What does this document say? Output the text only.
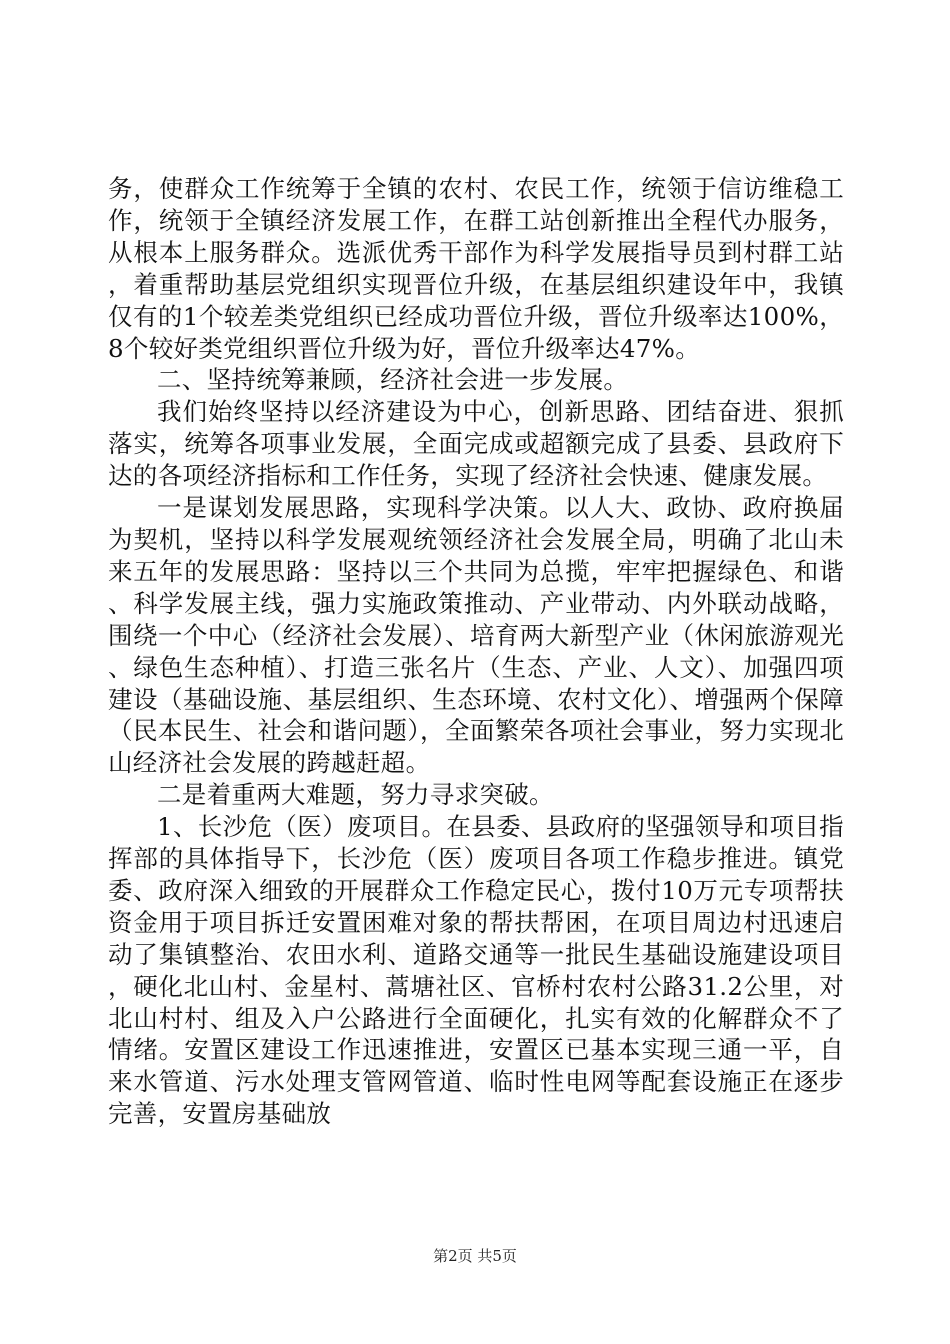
务，使群众工作统筹于全镇的农村、农民工作，统领于信访维稳工作，统领于全镇经济发展工作，在群工站创新推出全程代办服务，从根本上服务群众。选派优秀干部作为科学发展指导员到村群工站，着重帮助基层党组织实现晋位升级，在基层组织建设年中，我镇仅有的1个较差类党组织已经成功晋位升级，晋位升级率达100%，8个较好类党组织晋位升级为好，晋位升级率达47%。

二、坚持统筹兼顾，经济社会进一步发展。

我们始终坚持以经济建设为中心，创新思路、团结奋进、狠抓落实，统筹各项事业发展，全面完成或超额完成了县委、县政府下达的各项经济指标和工作任务，实现了经济社会快速、健康发展。

一是谋划发展思路，实现科学决策。以人大、政协、政府换届为契机，坚持以科学发展观统领经济社会发展全局，明确了北山未来五年的发展思路：坚持以三个共同为总揽，牢牢把握绿色、和谐、科学发展主线，强力实施政策推动、产业带动、内外联动战略，围绕一个中心（经济社会发展）、培育两大新型产业（休闲旅游观光、绿色生态种植）、打造三张名片（生态、产业、人文）、加强四项建设（基础设施、基层组织、生态环境、农村文化）、增强两个保障（民本民生、社会和谐问题），全面繁荣各项社会事业，努力实现北山经济社会发展的跨越赶超。

二是着重两大难题，努力寻求突破。

1、长沙危（医）废项目。在县委、县政府的坚强领导和项目指挥部的具体指导下，长沙危（医）废项目各项工作稳步推进。镇党委、政府深入细致的开展群众工作稳定民心，拨付10万元专项帮扶资金用于项目拆迁安置困难对象的帮扶帮困，在项目周边村迅速启动了集镇整治、农田水利、道路交通等一批民生基础设施建设项目，硬化北山村、金星村、蒿塘社区、官桥村农村公路31.2公里，对北山村村、组及入户公路进行全面硬化，扎实有效的化解群众不了情绪。安置区建设工作迅速推进，安置区已基本实现三通一平，自来水管道、污水处理支管网管道、临时性电网等配套设施正在逐步完善，安置房基础放

第2页 共5页
